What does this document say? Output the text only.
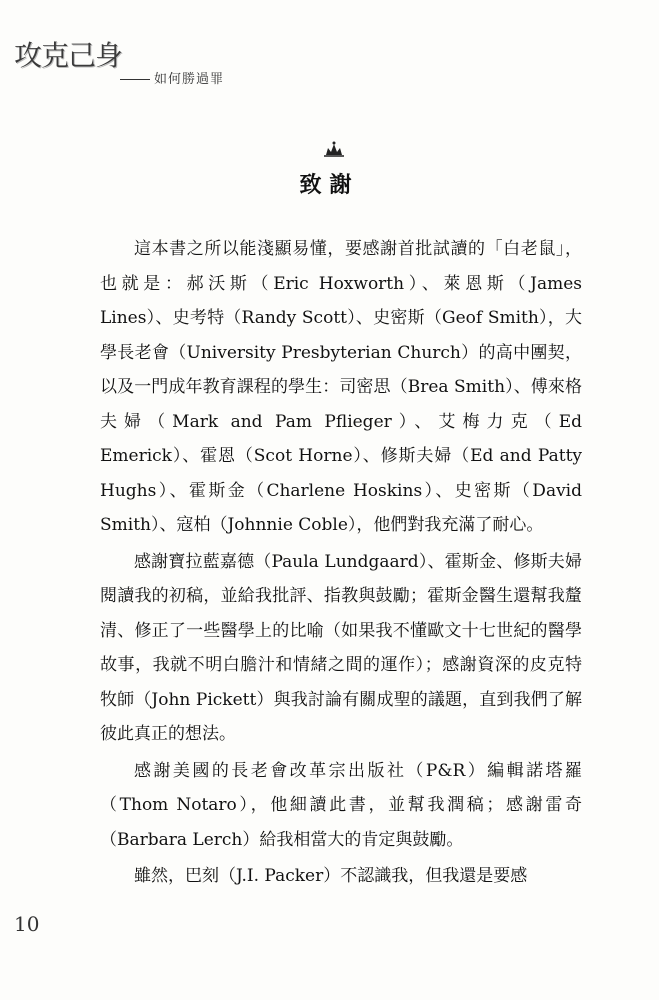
攻克己身
如何勝過罪
致謝

這本書之所以能淺顯易懂，要感謝首批試讀的「白老鼠」，也就是：郝沃斯（Eric Hoxworth）、萊恩斯（James Lines）、史考特（Randy Scott）、史密斯（Geof Smith），大學長老會（University Presbyterian Church）的高中團契，以及一門成年教育課程的學生：司密思（Brea Smith）、傅來格夫婦（Mark and Pam Pflieger）、艾梅力克（Ed Emerick）、霍恩（Scot Horne）、修斯夫婦（Ed and Patty Hughs）、霍斯金（Charlene Hoskins）、史密斯（David Smith）、寇柏（Johnnie Coble），他們對我充滿了耐心。

感謝寶拉藍嘉德（Paula Lundgaard）、霍斯金、修斯夫婦閱讀我的初稿，並給我批評、指教與鼓勵；霍斯金醫生還幫我釐清、修正了一些醫學上的比喻（如果我不懂歐文十七世紀的醫學故事，我就不明白膽汁和情緒之間的運作）；感謝資深的皮克特牧師（John Pickett）與我討論有關成聖的議題，直到我們了解彼此真正的想法。

感謝美國的長老會改革宗出版社（P&R）編輯諾塔羅（Thom Notaro），他細讀此書，並幫我潤稿；感謝雷奇（Barbara Lerch）給我相當大的肯定與鼓勵。

雖然，巴刻（J.I. Packer）不認識我，但我還是要感

10
